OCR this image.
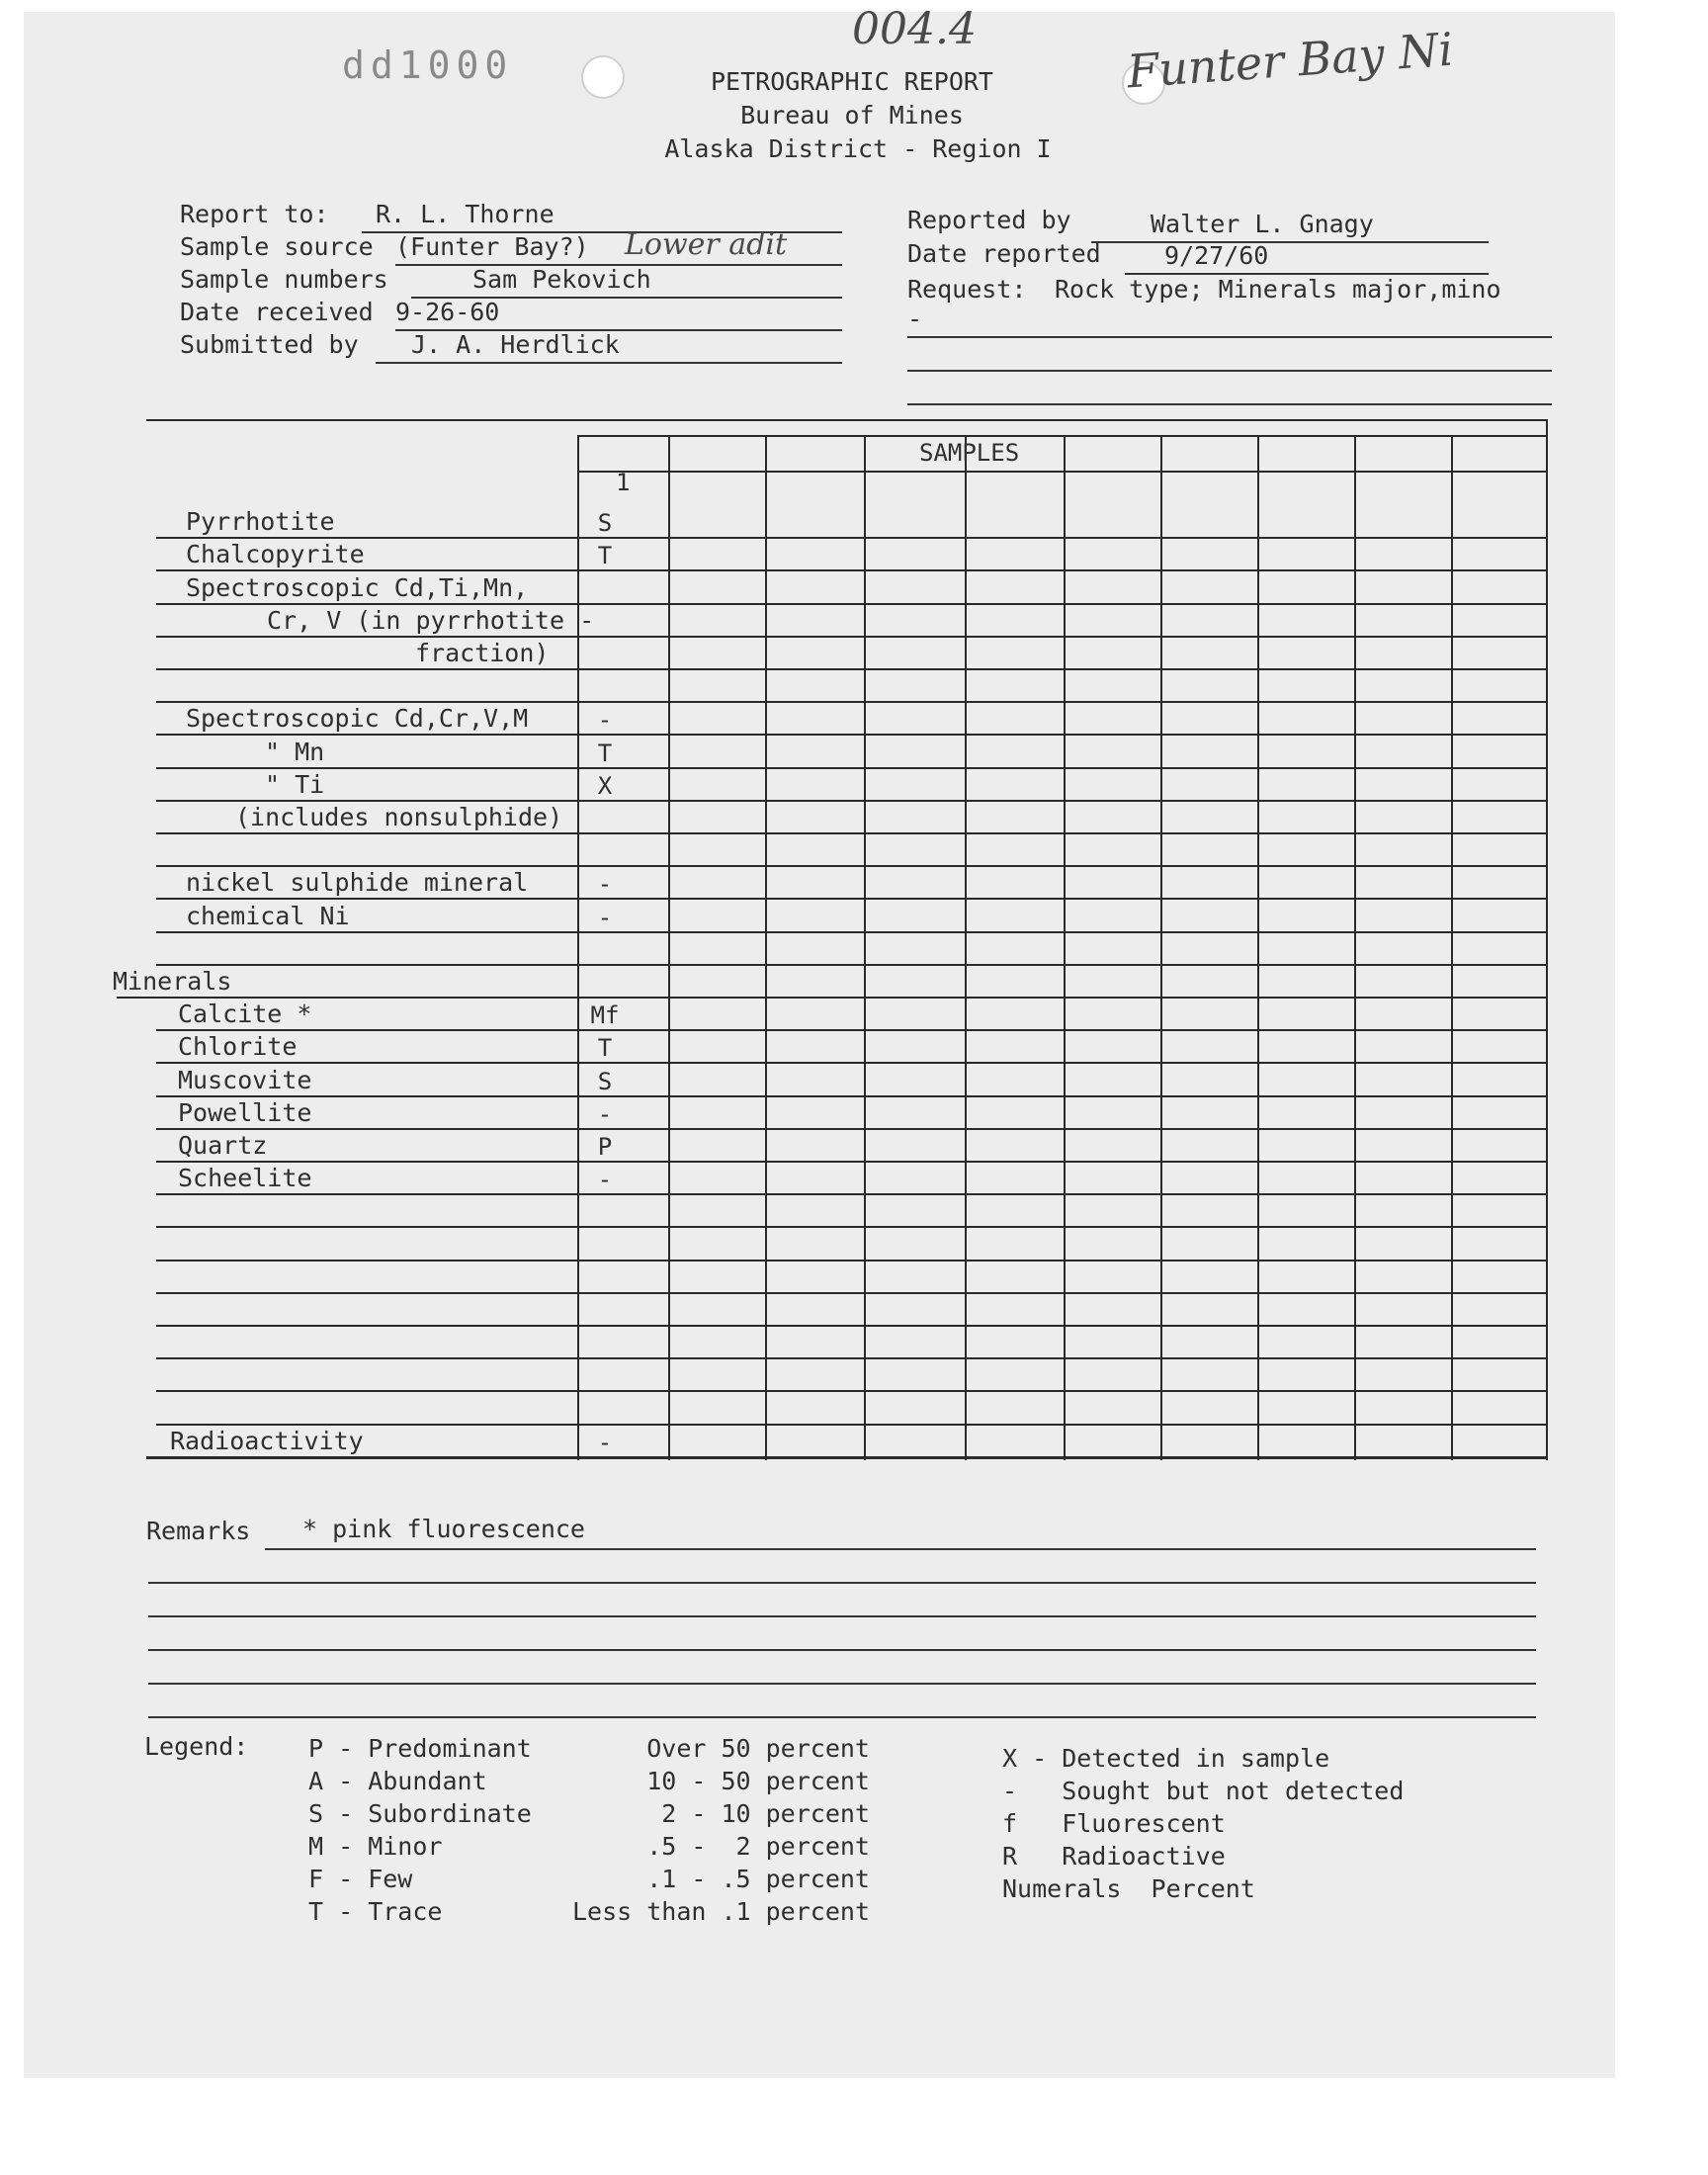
dd1000
004.4	Funter Bay Ni
PETROGRAPHIC REPORT
Bureau of Mines
Alaska District - Region I
Report to: R. L. Thorne
Sample source (Funter Bay?) Lower adit
Sample numbers	Sam Pekovich
Date received 9-26-60
Submitted by J. A. Herdlick
Reported by	Walter L. Gnagy
Date reported	9/27/60
Request: Rock type; Minerals major,mino
-
Pyrrhotite	S
Chalcopyrite	T
Spectroscopic Cd,Ti,Mn,
Cr, V (in pyrrhotite -
fraction)
Spectroscopic Cd,Cr,V,M	-
" Mn	T
" Ti	X
(includes nonsulphide)
nickel sulphide mineral	-
chemical Ni	-
Minerals
Calcite *	Mf
Chlorite	T
Muscovite	S
Powellite	-
Quartz	P
Scheelite	-
Radioactivity	-
SAMPLES
1
Remarks * pink fluorescence
Legend: P - Predominant	Over 50 percent
A - Abundant	10 - 50 percent
S - Subordinate	2 - 10 percent
M - Minor	.5 -  2 percent
F - Few	.1 - .5 percent
T - Trace	Less than .1 percent
X - Detected in sample
-   Sought but not detected
f   Fluorescent
R   Radioactive
Numerals  Percent
